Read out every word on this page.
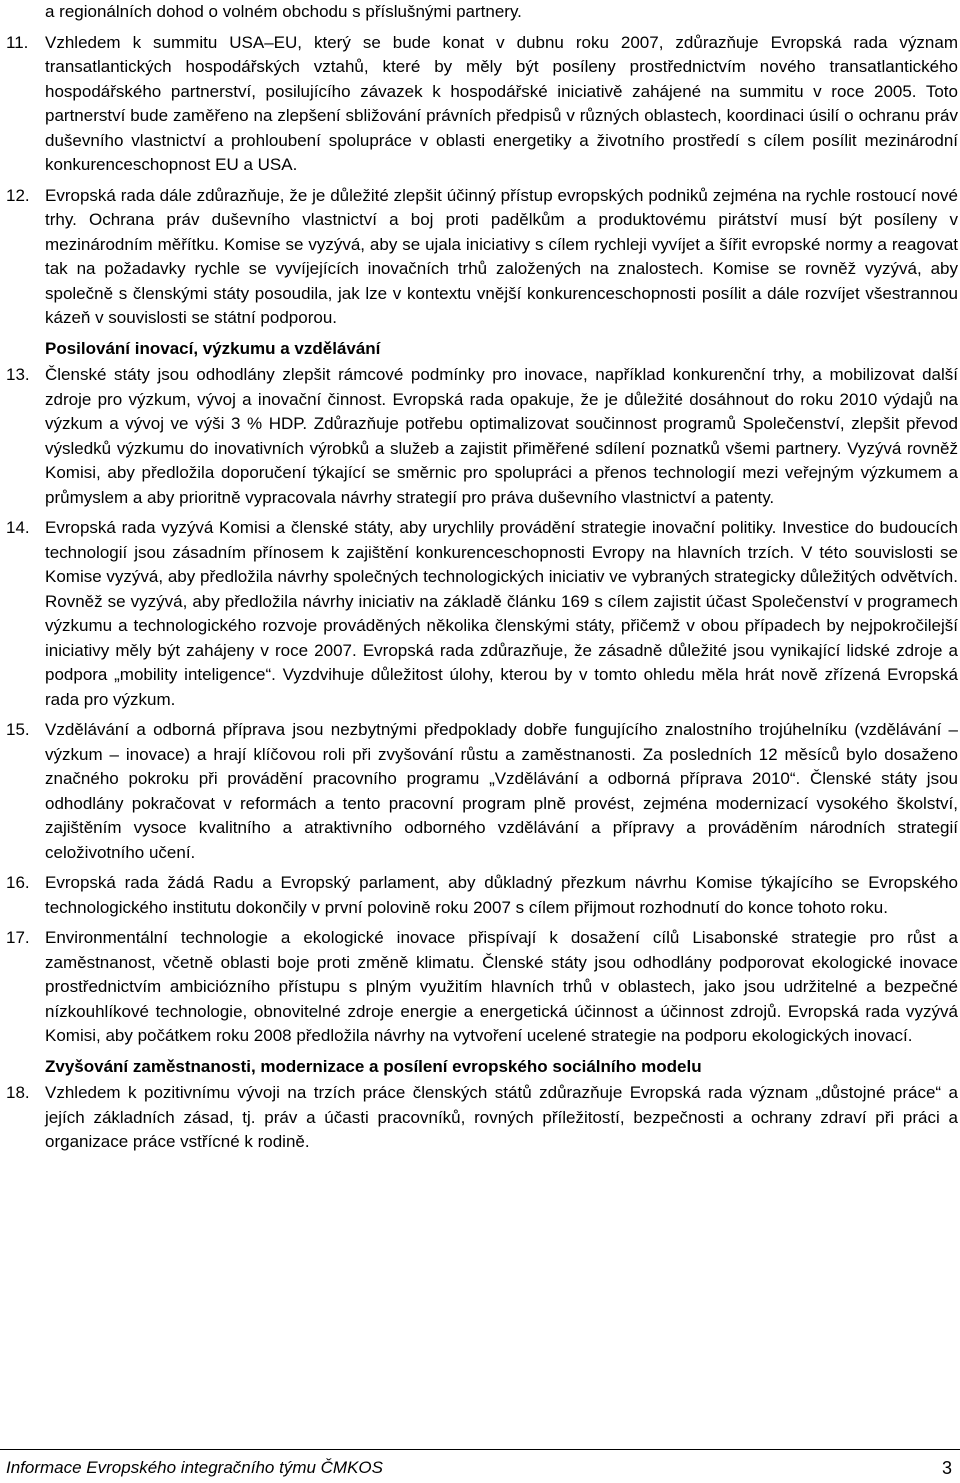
a regionálních dohod o volném obchodu s příslušnými partnery.
11. Vzhledem k summitu USA–EU, který se bude konat v dubnu roku 2007, zdůrazňuje Evropská rada význam transatlantických hospodářských vztahů, které by měly být posíleny prostřednictvím nového transatlantického hospodářského partnerství, posilujícího závazek k hospodářské iniciativě zahájené na summitu v roce 2005. Toto partnerství bude zaměřeno na zlepšení sbližování právních předpisů v různých oblastech, koordinaci úsilí o ochranu práv duševního vlastnictví a prohloubení spolupráce v oblasti energetiky a životního prostředí s cílem posílit mezinárodní konkurenceschopnost EU a USA.
12. Evropská rada dále zdůrazňuje, že je důležité zlepšit účinný přístup evropských podniků zejména na rychle rostoucí nové trhy. Ochrana práv duševního vlastnictví a boj proti padělkům a produktovému pirátství musí být posíleny v mezinárodním měřítku. Komise se vyzývá, aby se ujala iniciativy s cílem rychleji vyvíjet a šířit evropské normy a reagovat tak na požadavky rychle se vyvíjejících inovačních trhů založených na znalostech. Komise se rovněž vyzývá, aby společně s členskými státy posoudila, jak lze v kontextu vnější konkurenceschopnosti posílit a dále rozvíjet všestrannou kázeň v souvislosti se státní podporou.
Posilování inovací, výzkumu a vzdělávání
13. Členské státy jsou odhodlány zlepšit rámcové podmínky pro inovace, například konkurenční trhy, a mobilizovat další zdroje pro výzkum, vývoj a inovační činnost. Evropská rada opakuje, že je důležité dosáhnout do roku 2010 výdajů na výzkum a vývoj ve výši 3 % HDP. Zdůrazňuje potřebu optimalizovat součinnost programů Společenství, zlepšit převod výsledků výzkumu do inovativních výrobků a služeb a zajistit přiměřené sdílení poznatků všemi partnery. Vyzývá rovněž Komisi, aby předložila doporučení týkající se směrnic pro spolupráci a přenos technologií mezi veřejným výzkumem a průmyslem a aby prioritně vypracovala návrhy strategií pro práva duševního vlastnictví a patenty.
14. Evropská rada vyzývá Komisi a členské státy, aby urychlily provádění strategie inovační politiky. Investice do budoucích technologií jsou zásadním přínosem k zajištění konkurenceschopnosti Evropy na hlavních trzích. V této souvislosti se Komise vyzývá, aby předložila návrhy společných technologických iniciativ ve vybraných strategicky důležitých odvětvích. Rovněž se vyzývá, aby předložila návrhy iniciativ na základě článku 169 s cílem zajistit účast Společenství v programech výzkumu a technologického rozvoje prováděných několika členskými státy, přičemž v obou případech by nejpokročilejší iniciativy měly být zahájeny v roce 2007. Evropská rada zdůrazňuje, že zásadně důležité jsou vynikající lidské zdroje a podpora „mobility inteligence“. Vyzdvihuje důležitost úlohy, kterou by v tomto ohledu měla hrát nově zřízená Evropská rada pro výzkum.
15. Vzdělávání a odborná příprava jsou nezbytnými předpoklady dobře fungujícího znalostního trojúhelníku (vzdělávání – výzkum – inovace) a hrají klíčovou roli při zvyšování růstu a zaměstnanosti. Za posledních 12 měsíců bylo dosaženo značného pokroku při provádění pracovního programu „Vzdělávání a odborná příprava 2010“. Členské státy jsou odhodlány pokračovat v reformách a tento pracovní program plně provést, zejména modernizací vysokého školství, zajištěním vysoce kvalitního a atraktivního odborného vzdělávání a přípravy a prováděním národních strategií celoživotního učení.
16. Evropská rada žádá Radu a Evropský parlament, aby důkladný přezkum návrhu Komise týkajícího se Evropského technologického institutu dokončily v první polovině roku 2007 s cílem přijmout rozhodnutí do konce tohoto roku.
17. Environmentální technologie a ekologické inovace přispívají k dosažení cílů Lisabonské strategie pro růst a zaměstnanost, včetně oblasti boje proti změně klimatu. Členské státy jsou odhodlány podporovat ekologické inovace prostřednictvím ambiciózního přístupu s plným využitím hlavních trhů v oblastech, jako jsou udržitelné a bezpečné nízkouhlíkové technologie, obnovitelné zdroje energie a energetická účinnost a účinnost zdrojů. Evropská rada vyzývá Komisi, aby počátkem roku 2008 předložila návrhy na vytvoření ucelené strategie na podporu ekologických inovací.
Zvyšování zaměstnanosti, modernizace a posílení evropského sociálního modelu
18. Vzhledem k pozitivnímu vývoji na trzích práce členských států zdůrazňuje Evropská rada význam „důstojné práce“ a jejích základních zásad, tj. práv a účasti pracovníků, rovných příležitostí, bezpečnosti a ochrany zdraví při práci a organizace práce vstřícné k rodině.
Informace Evropského integračního týmu ČMKOS	3
